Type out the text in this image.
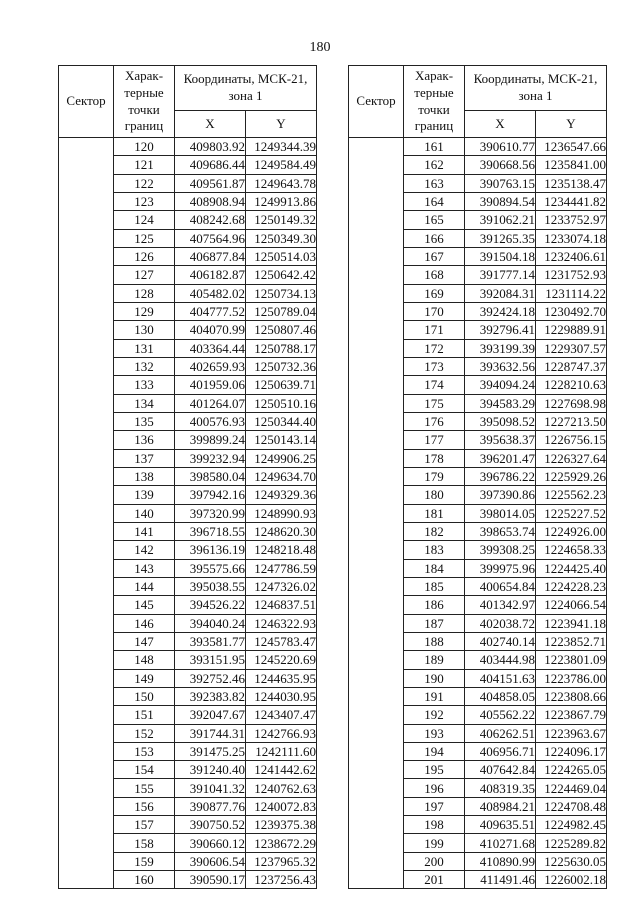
180
Сектор	Харак-терные точки границ	Координаты, МСК-21, зона 1	
		X	Y
	120	409803.92	1249344.39
	121	409686.44	1249584.49
	122	409561.87	1249643.78
	123	408908.94	1249913.86
	124	408242.68	1250149.32
	125	407564.96	1250349.30
	126	406877.84	1250514.03
	127	406182.87	1250642.42
	128	405482.02	1250734.13
	129	404777.52	1250789.04
	130	404070.99	1250807.46
	131	403364.44	1250788.17
	132	402659.93	1250732.36
	133	401959.06	1250639.71
	134	401264.07	1250510.16
	135	400576.93	1250344.40
	136	399899.24	1250143.14
	137	399232.94	1249906.25
	138	398580.04	1249634.70
	139	397942.16	1249329.36
	140	397320.99	1248990.93
	141	396718.55	1248620.30
	142	396136.19	1248218.48
	143	395575.66	1247786.59
	144	395038.55	1247326.02
	145	394526.22	1246837.51
	146	394040.24	1246322.93
	147	393581.77	1245783.47
	148	393151.95	1245220.69
	149	392752.46	1244635.95
	150	392383.82	1244030.95
	151	392047.67	1243407.47
	152	391744.31	1242766.93
	153	391475.25	1242111.60
	154	391240.40	1241442.62
	155	391041.32	1240762.63
	156	390877.76	1240072.83
	157	390750.52	1239375.38
	158	390660.12	1238672.29
	159	390606.54	1237965.32
	160	390590.17	1237256.43
Сектор	Харак-терные точки границ	Координаты, МСК-21, зона 1	
		X	Y
	161	390610.77	1236547.66
	162	390668.56	1235841.00
	163	390763.15	1235138.47
	164	390894.54	1234441.82
	165	391062.21	1233752.97
	166	391265.35	1233074.18
	167	391504.18	1232406.61
	168	391777.14	1231752.93
	169	392084.31	1231114.22
	170	392424.18	1230492.70
	171	392796.41	1229889.91
	172	393199.39	1229307.57
	173	393632.56	1228747.37
	174	394094.24	1228210.63
	175	394583.29	1227698.98
	176	395098.52	1227213.50
	177	395638.37	1226756.15
	178	396201.47	1226327.64
	179	396786.22	1225929.26
	180	397390.86	1225562.23
	181	398014.05	1225227.52
	182	398653.74	1224926.00
	183	399308.25	1224658.33
	184	399975.96	1224425.40
	185	400654.84	1224228.23
	186	401342.97	1224066.54
	187	402038.72	1223941.18
	188	402740.14	1223852.71
	189	403444.98	1223801.09
	190	404151.63	1223786.00
	191	404858.05	1223808.66
	192	405562.22	1223867.79
	193	406262.51	1223963.67
	194	406956.71	1224096.17
	195	407642.84	1224265.05
	196	408319.35	1224469.04
	197	408984.21	1224708.48
	198	409635.51	1224982.45
	199	410271.68	1225289.82
	200	410890.99	1225630.05
	201	411491.46	1226002.18
